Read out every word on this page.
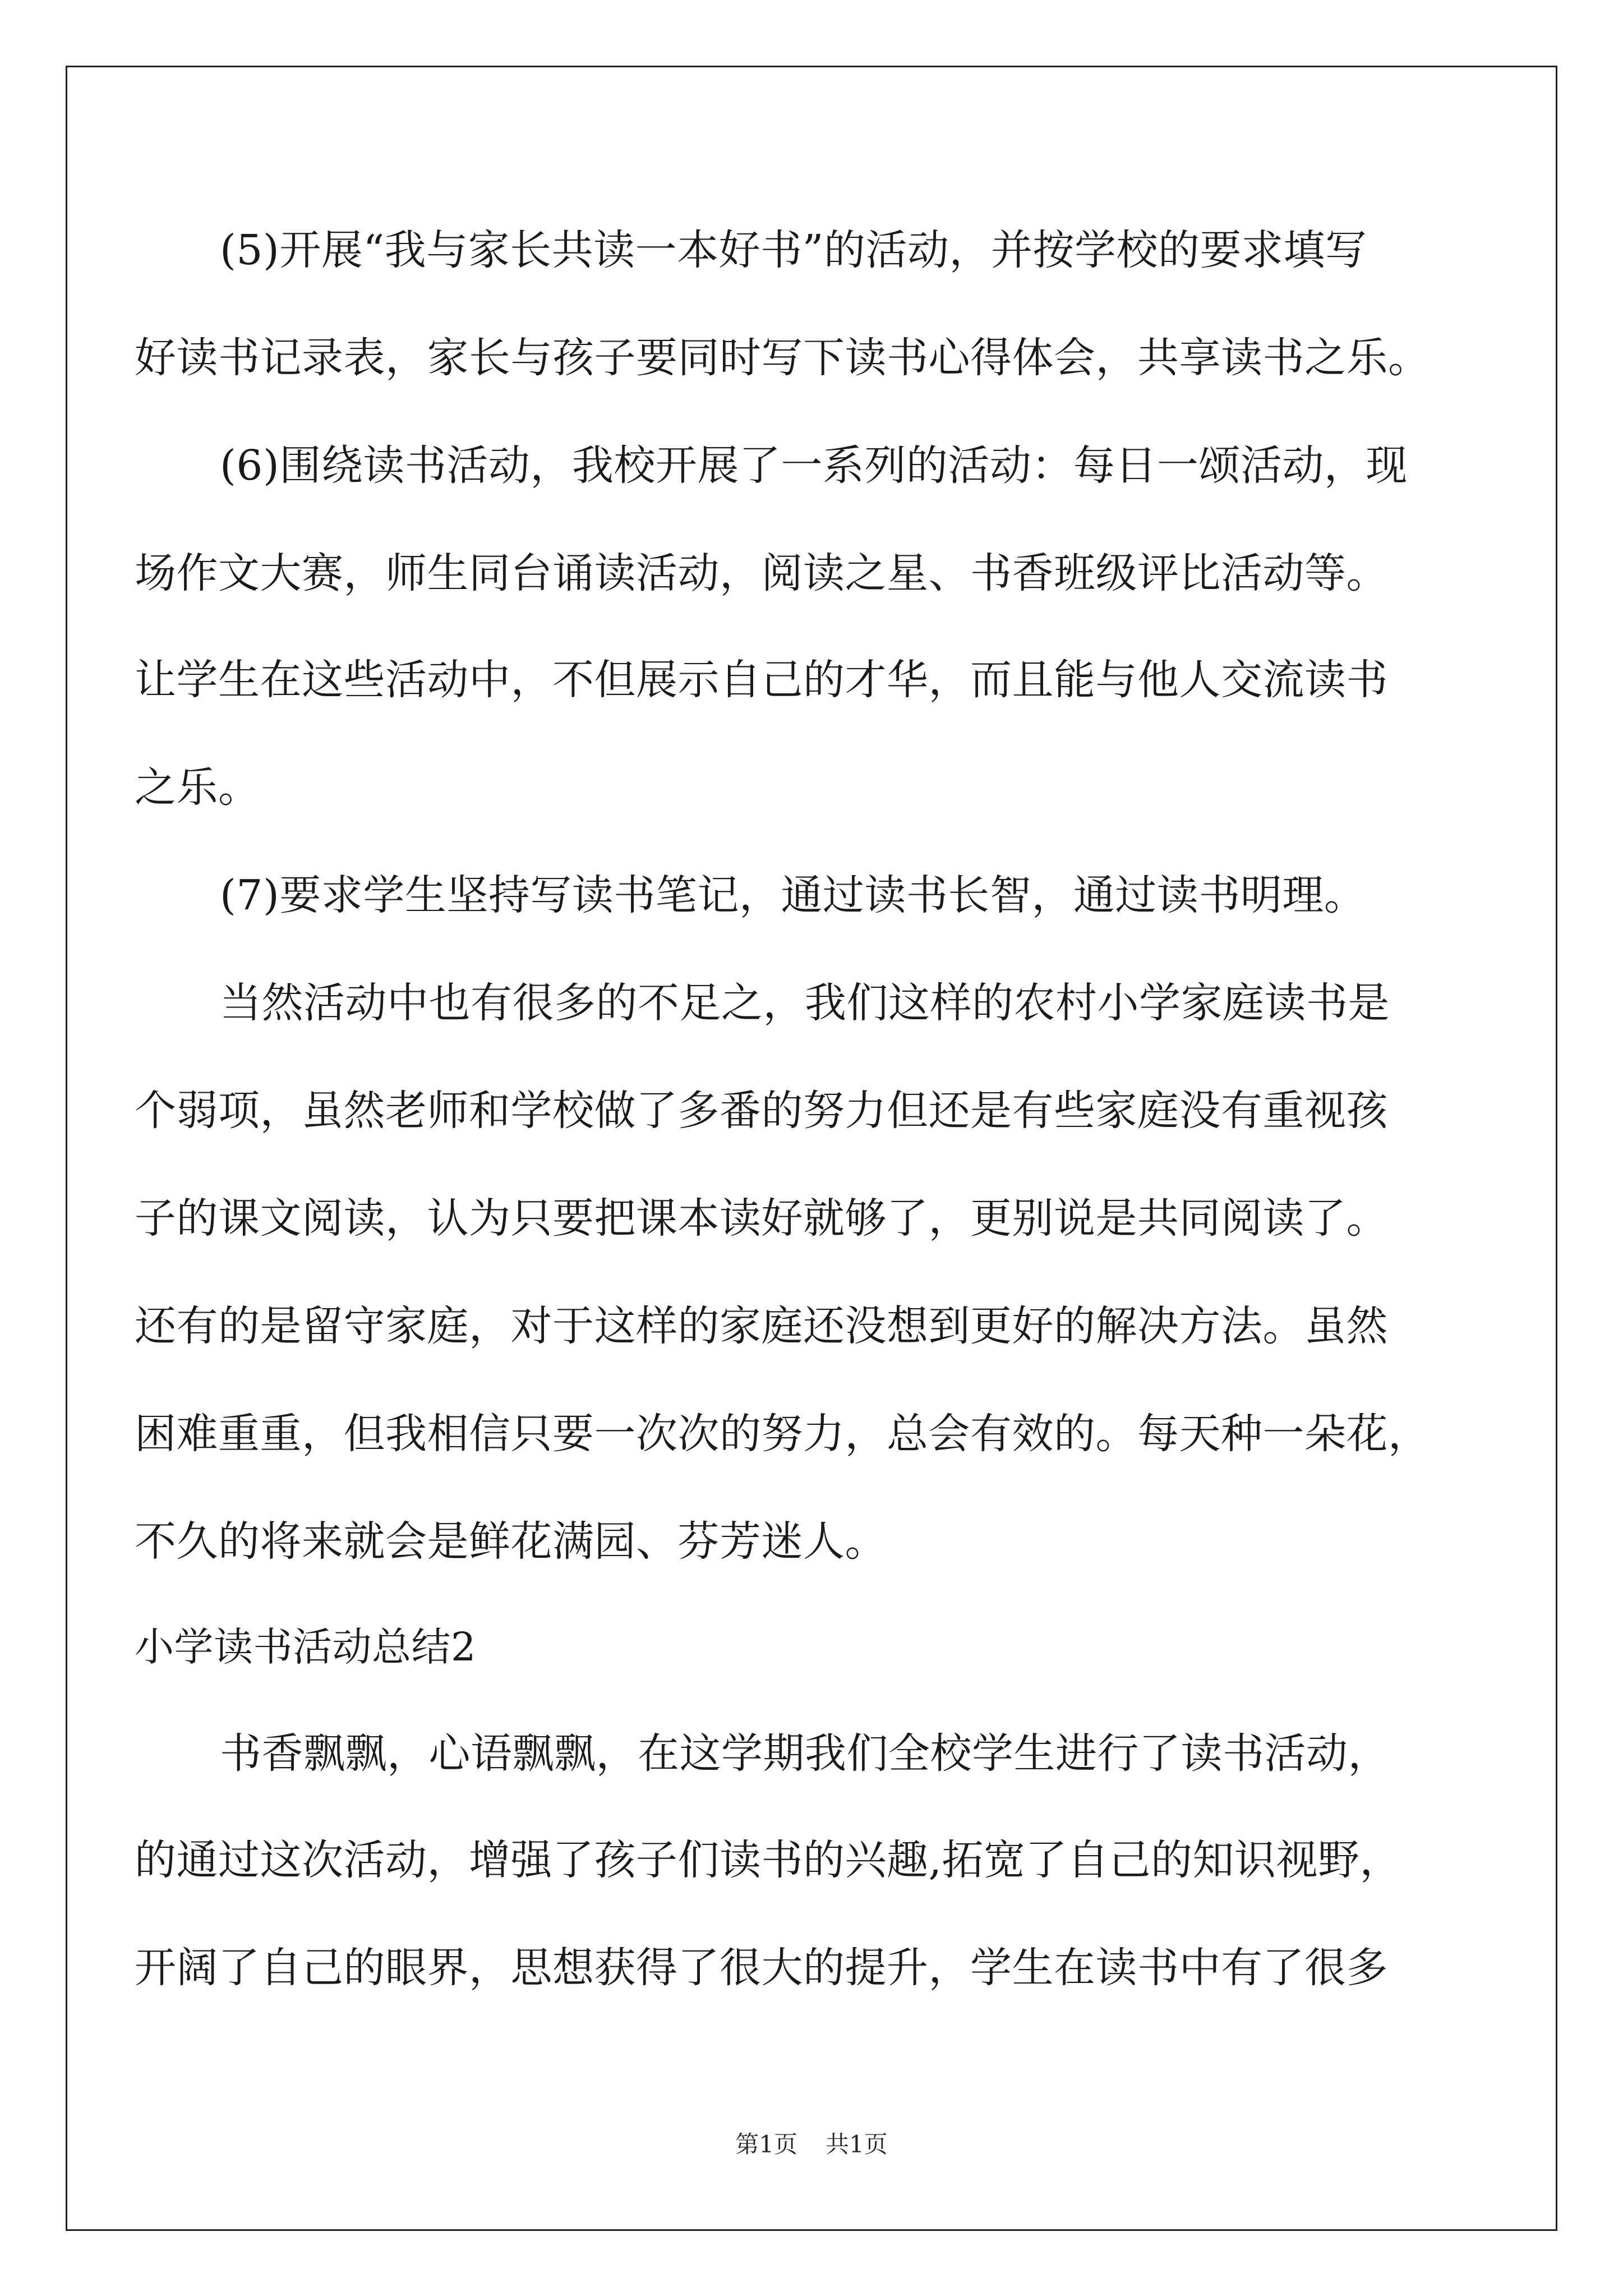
(5)开展“我与家长共读一本好书”的活动，并按学校的要求填写
好读书记录表，家长与孩子要同时写下读书心得体会，共享读书之乐。
(6)围绕读书活动，我校开展了一系列的活动：每日一颂活动，现
场作文大赛，师生同台诵读活动，阅读之星、书香班级评比活动等。
让学生在这些活动中，不但展示自己的才华，而且能与他人交流读书
之乐。
(7)要求学生坚持写读书笔记，通过读书长智，通过读书明理。
当然活动中也有很多的不足之，我们这样的农村小学家庭读书是
个弱项，虽然老师和学校做了多番的努力但还是有些家庭没有重视孩
子的课文阅读，认为只要把课本读好就够了，更别说是共同阅读了。
还有的是留守家庭，对于这样的家庭还没想到更好的解决方法。虽然
困难重重，但我相信只要一次次的努力，总会有效的。每天种一朵花，
不久的将来就会是鲜花满园、芬芳迷人。
小学读书活动总结2
书香飘飘，心语飘飘，在这学期我们全校学生进行了读书活动，
的通过这次活动，增强了孩子们读书的兴趣,拓宽了自己的知识视野，
开阔了自己的眼界，思想获得了很大的提升，学生在读书中有了很多
第1页 共1页
